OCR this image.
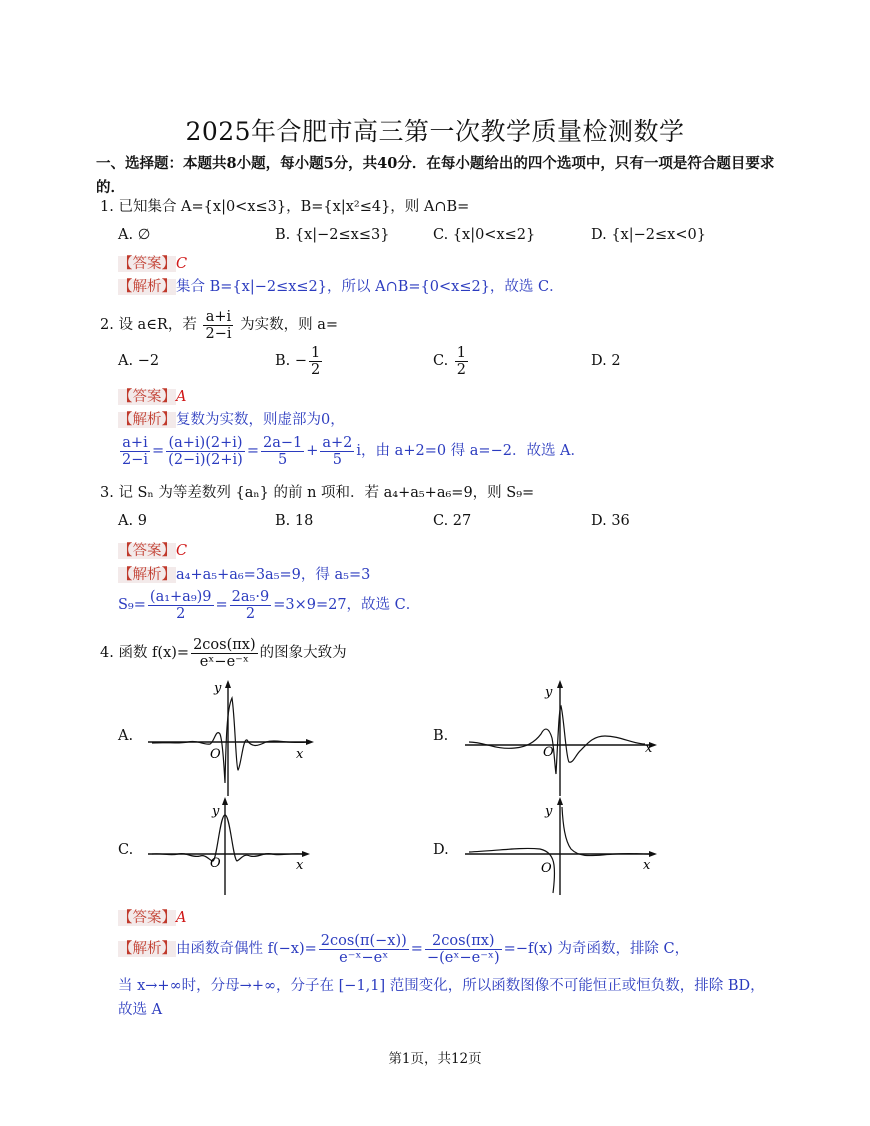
2025年合肥市高三第一次教学质量检测数学
一、选择题：本题共8小题，每小题5分，共40分．在每小题给出的四个选项中，只有一项是符合题目要求的．
1. 已知集合 A={x|0<x≤3}，B={x|x²≤4}，则 A∩B=
A. ∅	B. {x|−2≤x≤3}	C. {x|0<x≤2}	D. {x|−2≤x<0}
【答案】C
【解析】集合 B={x|−2≤x≤2}，所以 A∩B={0<x≤2}，故选 C．
2. 设 a∈R，若 $\frac{a+i}{2-i}$ 为实数，则 a=
A. −2	B. − $\frac{1}{2}$	C. $\frac{1}{2}$	D. 2
【答案】A
【解析】复数为实数，则虚部为0，
$\frac{a+i}{2-i} = \frac{(a+i)(2+i)}{(2-i)(2+i)} = \frac{2a-1}{5} + \frac{a+2}{5}$ i，由 a+2=0 得 a=−2．故选 A．
3. 记 Sₙ 为等差数列 {aₙ} 的前 n 项和．若 a₄+a₅+a₆=9，则 S₉=
A. 9	B. 18	C. 27	D. 36
【答案】C
【解析】a₄+a₅+a₆=3a₅=9，得 a₅=3
$S_9= \frac{\text{(a₁+a₉)9}}{2} = \frac{\text{2a₅·9}}{2} =3\times 9=27$，故选 C．
4. 函数 $f(x)= \frac{2\cos(\pi x)}{\text{eˣ−e⁻ˣ}}$ 的图象大致为
A.	B.
C.	D.
x
y
O	x
y
O
x
y
O	x
y
O
【答案】A
【解析】由函数奇偶性 $f(-x)= \frac{2\cos(\pi(-x))}{\text{e⁻ˣ−eˣ}} = \frac{2\cos(\pi x)}{\text{−(eˣ−e⁻ˣ)}} =-f(x)$ 为奇函数，排除 C，
当 x→+∞时，分母→+∞，分子在 [−1,1] 范围变化，所以函数图像不可能恒正或恒负数，排除 BD，
故选 A
第1页，共12页
